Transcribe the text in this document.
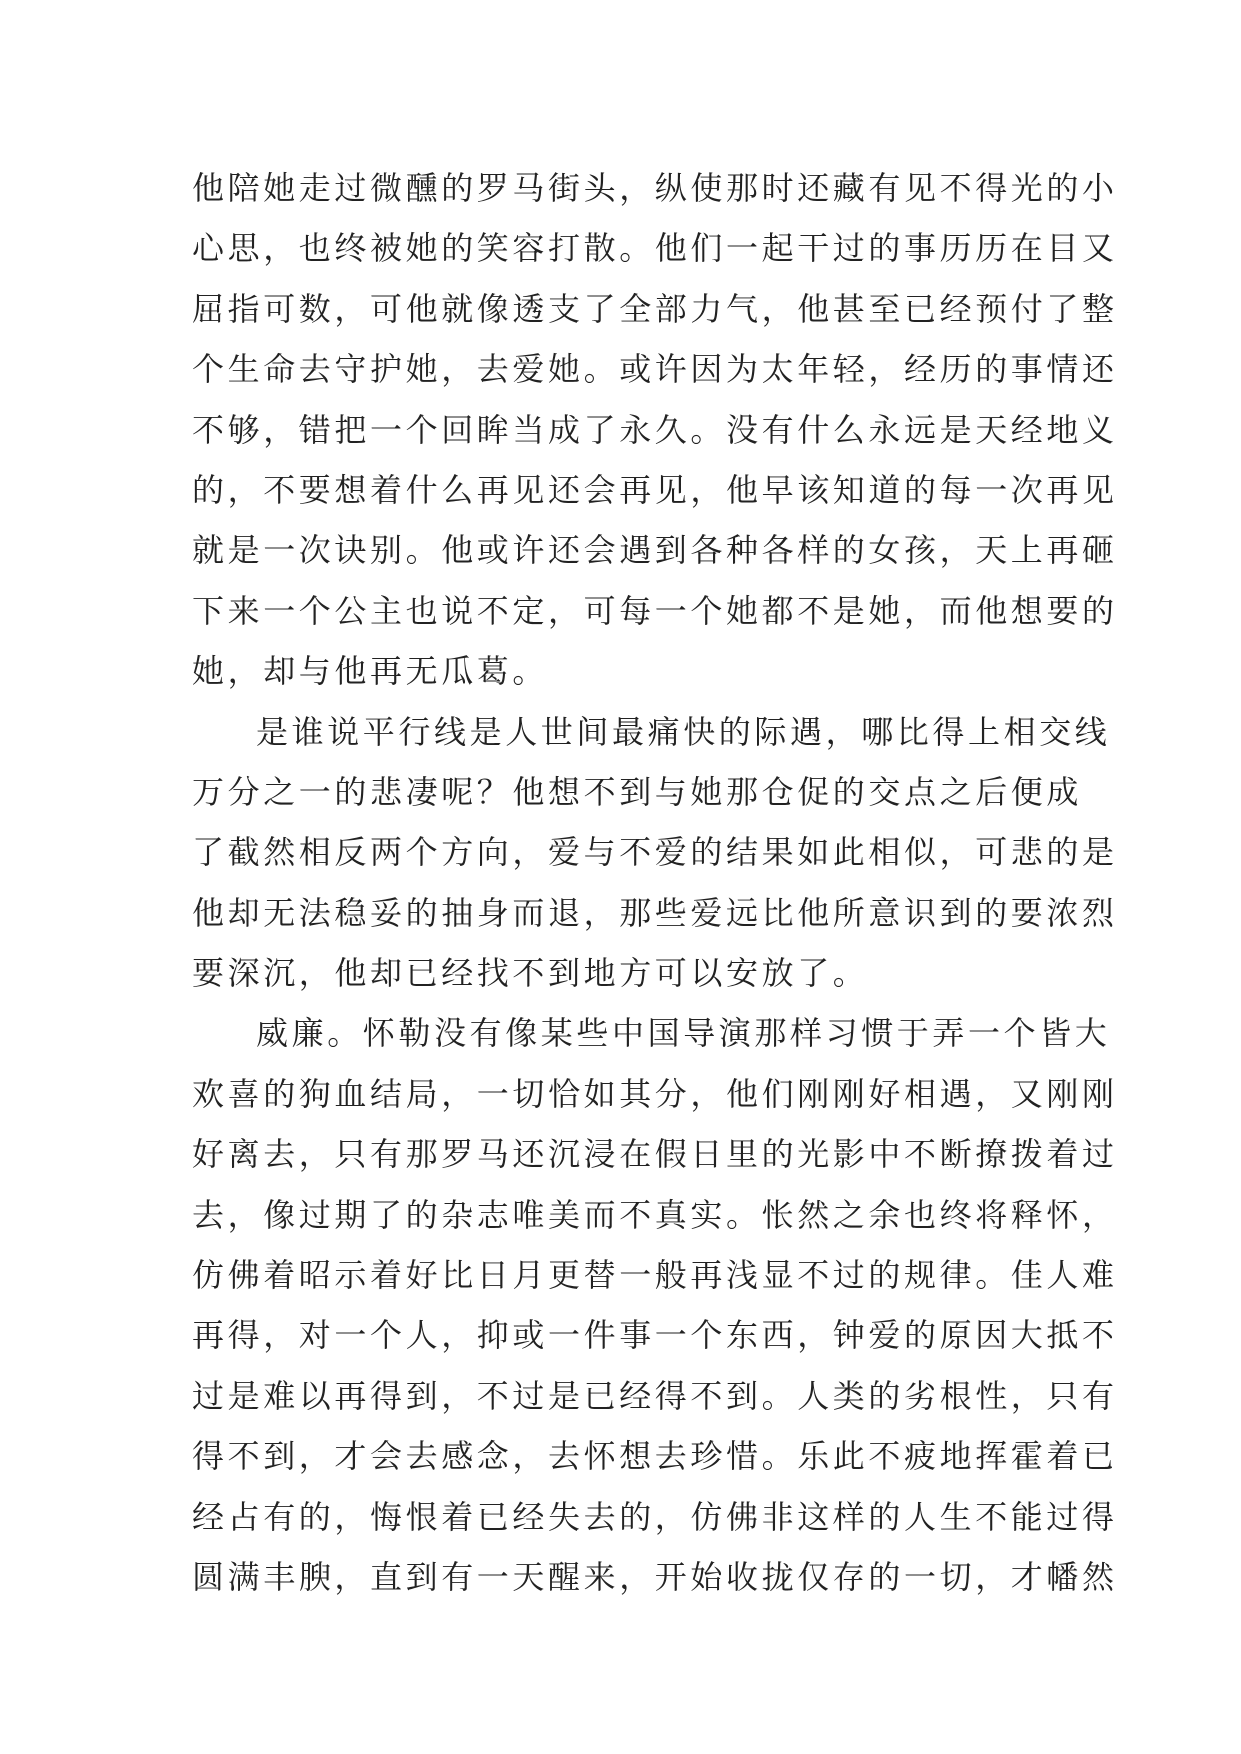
他陪她走过微醺的罗马街头，纵使那时还藏有见不得光的小
心思，也终被她的笑容打散。他们一起干过的事历历在目又
屈指可数，可他就像透支了全部力气，他甚至已经预付了整
个生命去守护她，去爱她。或许因为太年轻，经历的事情还
不够，错把一个回眸当成了永久。没有什么永远是天经地义
的，不要想着什么再见还会再见，他早该知道的每一次再见
就是一次诀别。他或许还会遇到各种各样的女孩，天上再砸
下来一个公主也说不定，可每一个她都不是她，而他想要的
她，却与他再无瓜葛。
是谁说平行线是人世间最痛快的际遇，哪比得上相交线
万分之一的悲凄呢？他想不到与她那仓促的交点之后便成
了截然相反两个方向，爱与不爱的结果如此相似，可悲的是
他却无法稳妥的抽身而退，那些爱远比他所意识到的要浓烈
要深沉，他却已经找不到地方可以安放了。
威廉。怀勒没有像某些中国导演那样习惯于弄一个皆大
欢喜的狗血结局，一切恰如其分，他们刚刚好相遇，又刚刚
好离去，只有那罗马还沉浸在假日里的光影中不断撩拨着过
去，像过期了的杂志唯美而不真实。怅然之余也终将释怀，
仿佛着昭示着好比日月更替一般再浅显不过的规律。佳人难
再得，对一个人，抑或一件事一个东西，钟爱的原因大抵不
过是难以再得到，不过是已经得不到。人类的劣根性，只有
得不到，才会去感念，去怀想去珍惜。乐此不疲地挥霍着已
经占有的，悔恨着已经失去的，仿佛非这样的人生不能过得
圆满丰腴，直到有一天醒来，开始收拢仅存的一切，才幡然
